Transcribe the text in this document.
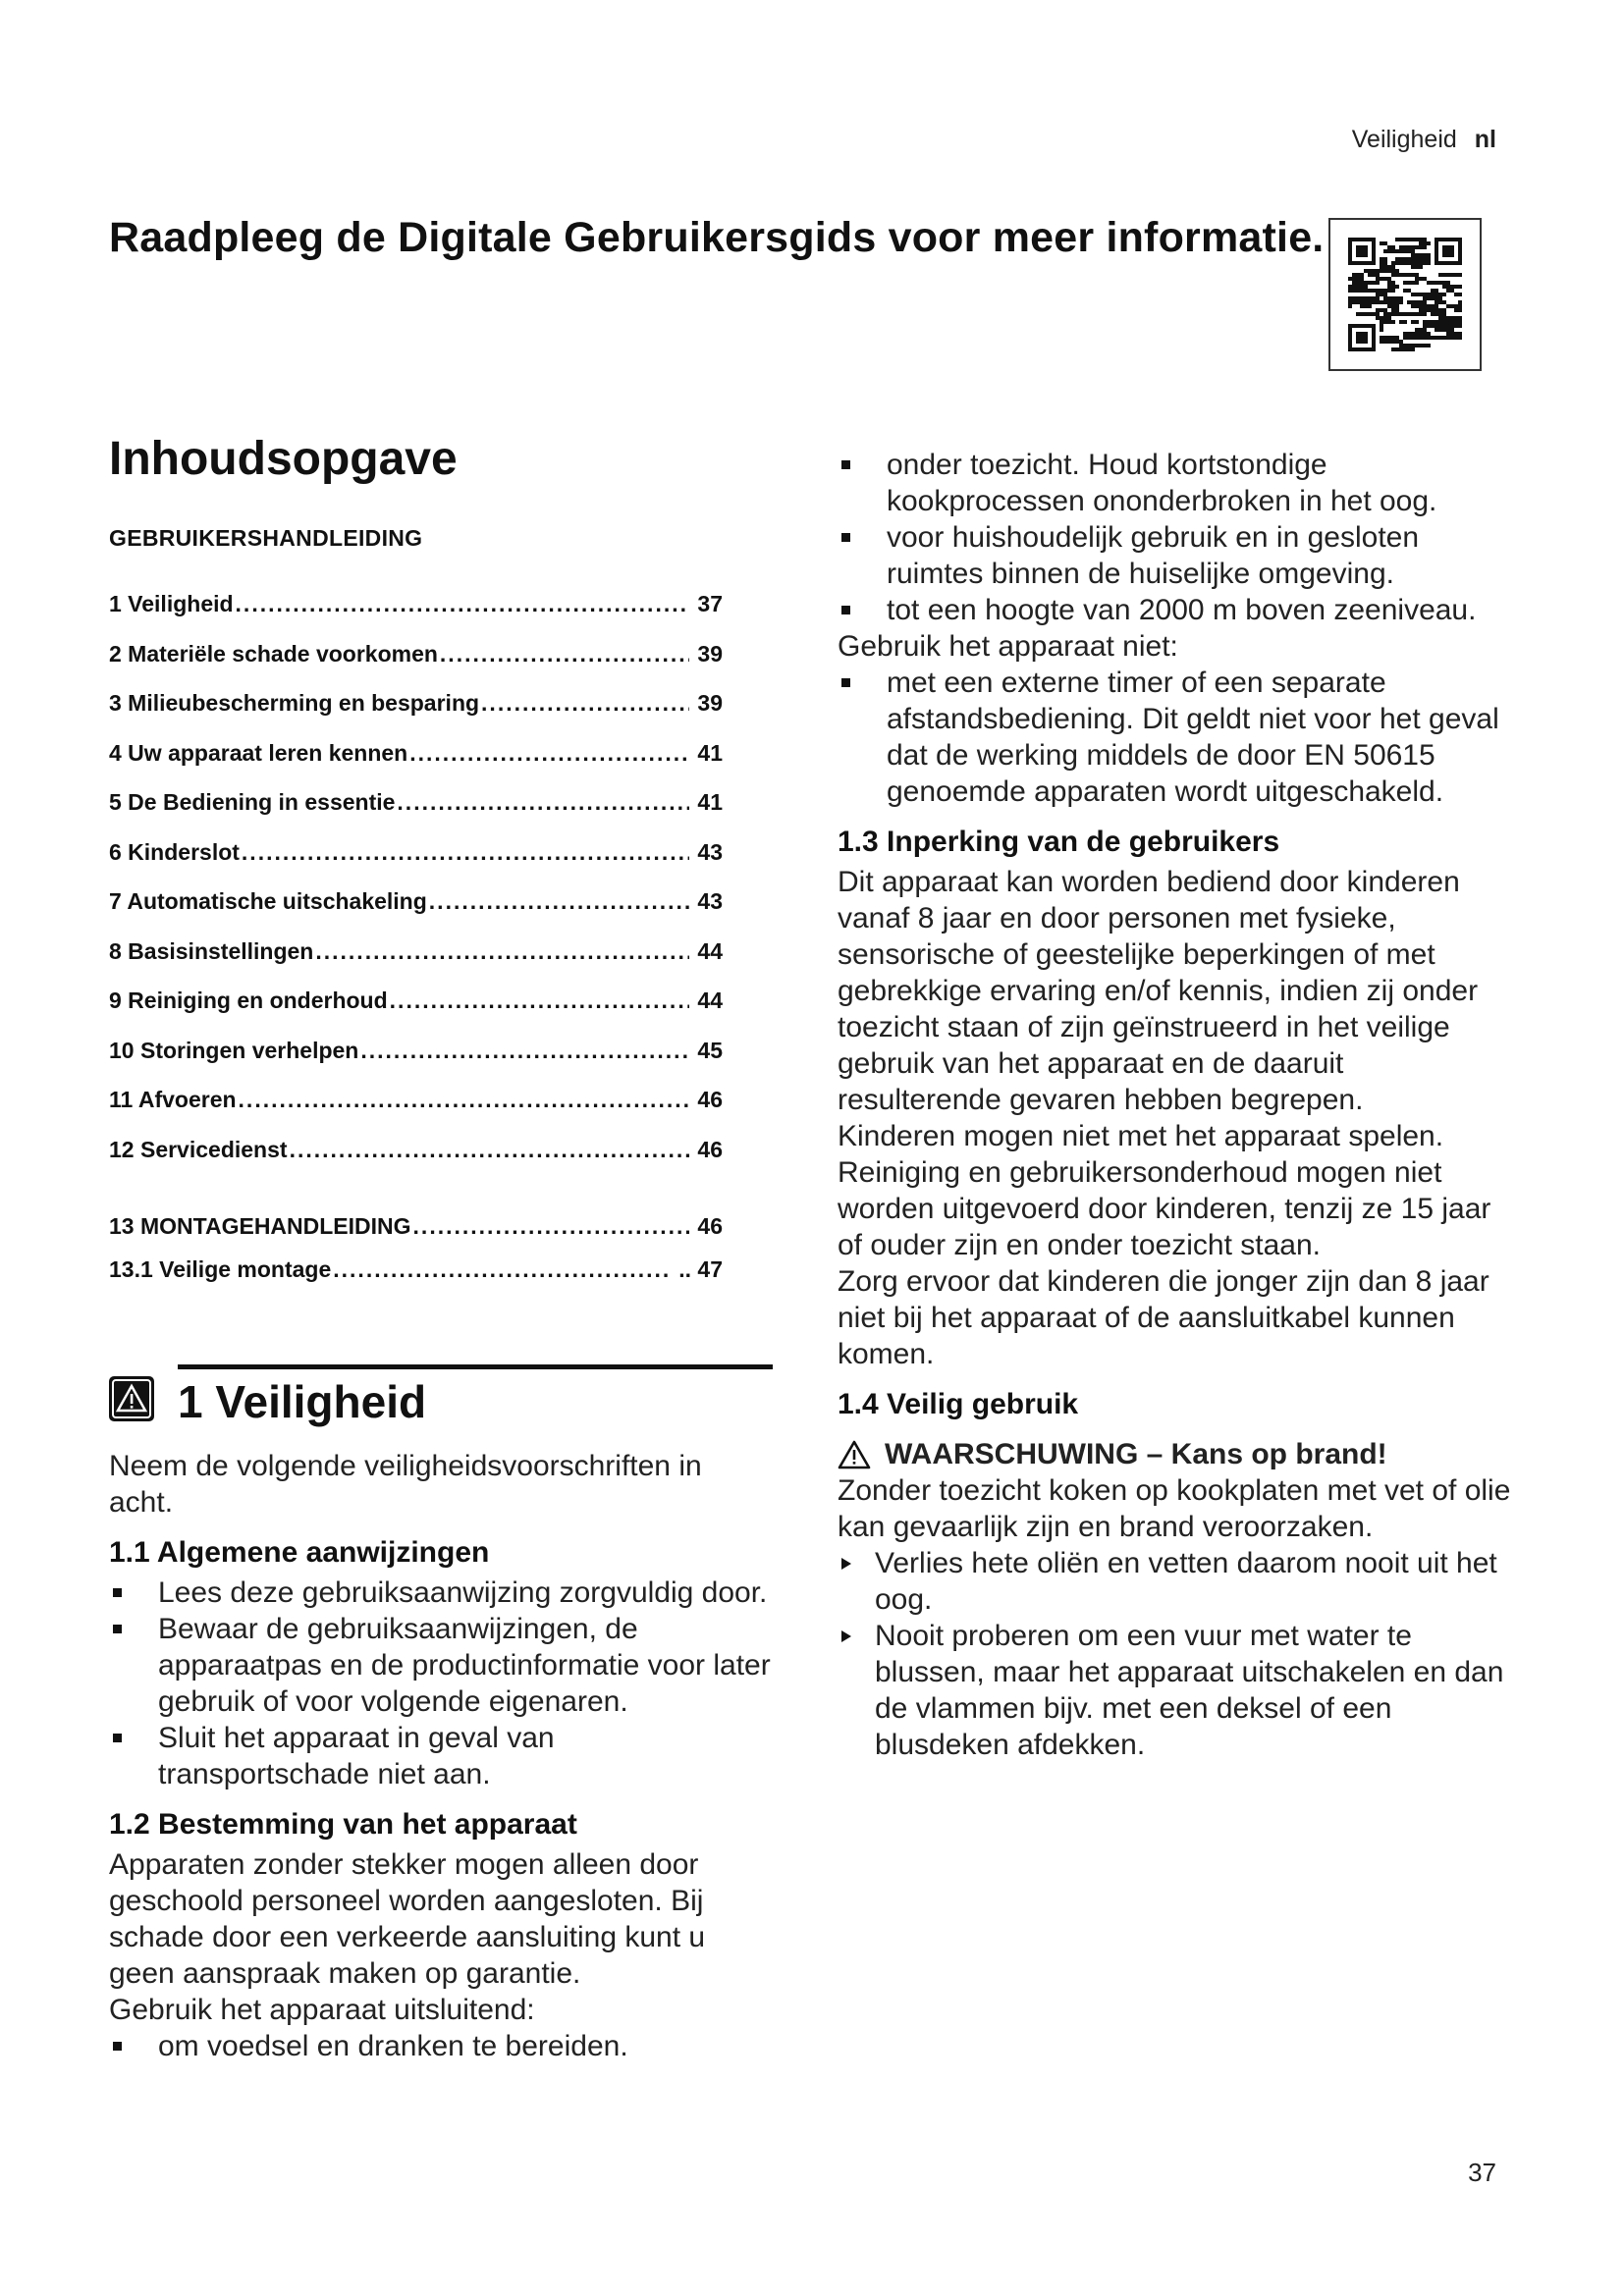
Veiligheid nl
Raadpleeg de Digitale Gebruikersgids voor meer informatie.
Inhoudsopgave
GEBRUIKERSHANDLEIDING
1 Veiligheid .....	37
2 Materiële schade voorkomen .....	39
3 Milieubescherming en besparing .....	39
4 Uw apparaat leren kennen .....	41
5 De Bediening in essentie .....	41
6 Kinderslot .....	43
7 Automatische uitschakeling .....	43
8 Basisinstellingen .....	44
9 Reiniging en onderhoud .....	44
10 Storingen verhelpen .....	45
11 Afvoeren .....	46
12 Servicedienst .....	46
13 MONTAGEHANDLEIDING .....	46
13.1 Veilige montage .....	.. 47
1 Veiligheid
Neem de volgende veiligheidsvoorschriften in acht.
1.1 Algemene aanwijzingen
Lees deze gebruiksaanwijzing zorgvuldig door.
Bewaar de gebruiksaanwijzingen, de apparaatpas en de productinformatie voor later gebruik of voor volgende eigenaren.
Sluit het apparaat in geval van transportschade niet aan.
1.2 Bestemming van het apparaat
Apparaten zonder stekker mogen alleen door geschoold personeel worden aangesloten. Bij schade door een verkeerde aansluiting kunt u geen aanspraak maken op garantie.
Gebruik het apparaat uitsluitend:
om voedsel en dranken te bereiden.
onder toezicht. Houd kortstondige kookprocessen ononderbroken in het oog.
voor huishoudelijk gebruik en in gesloten ruimtes binnen de huiselijke omgeving.
tot een hoogte van 2000 m boven zeeniveau.
Gebruik het apparaat niet:
met een externe timer of een separate afstandsbediening. Dit geldt niet voor het geval dat de werking middels de door EN 50615 genoemde apparaten wordt uitgeschakeld.
1.3 Inperking van de gebruikers
Dit apparaat kan worden bediend door kinderen vanaf 8 jaar en door personen met fysieke, sensorische of geestelijke beperkingen of met gebrekkige ervaring en/of kennis, indien zij onder toezicht staan of zijn geïnstrueerd in het veilige gebruik van het apparaat en de daaruit resulterende gevaren hebben begrepen.
Kinderen mogen niet met het apparaat spelen.
Reiniging en gebruikersonderhoud mogen niet worden uitgevoerd door kinderen, tenzij ze 15 jaar of ouder zijn en onder toezicht staan.
Zorg ervoor dat kinderen die jonger zijn dan 8 jaar niet bij het apparaat of de aansluitkabel kunnen komen.
1.4 Veilig gebruik
WAARSCHUWING – Kans op brand!
Zonder toezicht koken op kookplaten met vet of olie kan gevaarlijk zijn en brand veroorzaken.
Verlies hete oliën en vetten daarom nooit uit het oog.
Nooit proberen om een vuur met water te blussen, maar het apparaat uitschakelen en dan de vlammen bijv. met een deksel of een blusdeken afdekken.
37
